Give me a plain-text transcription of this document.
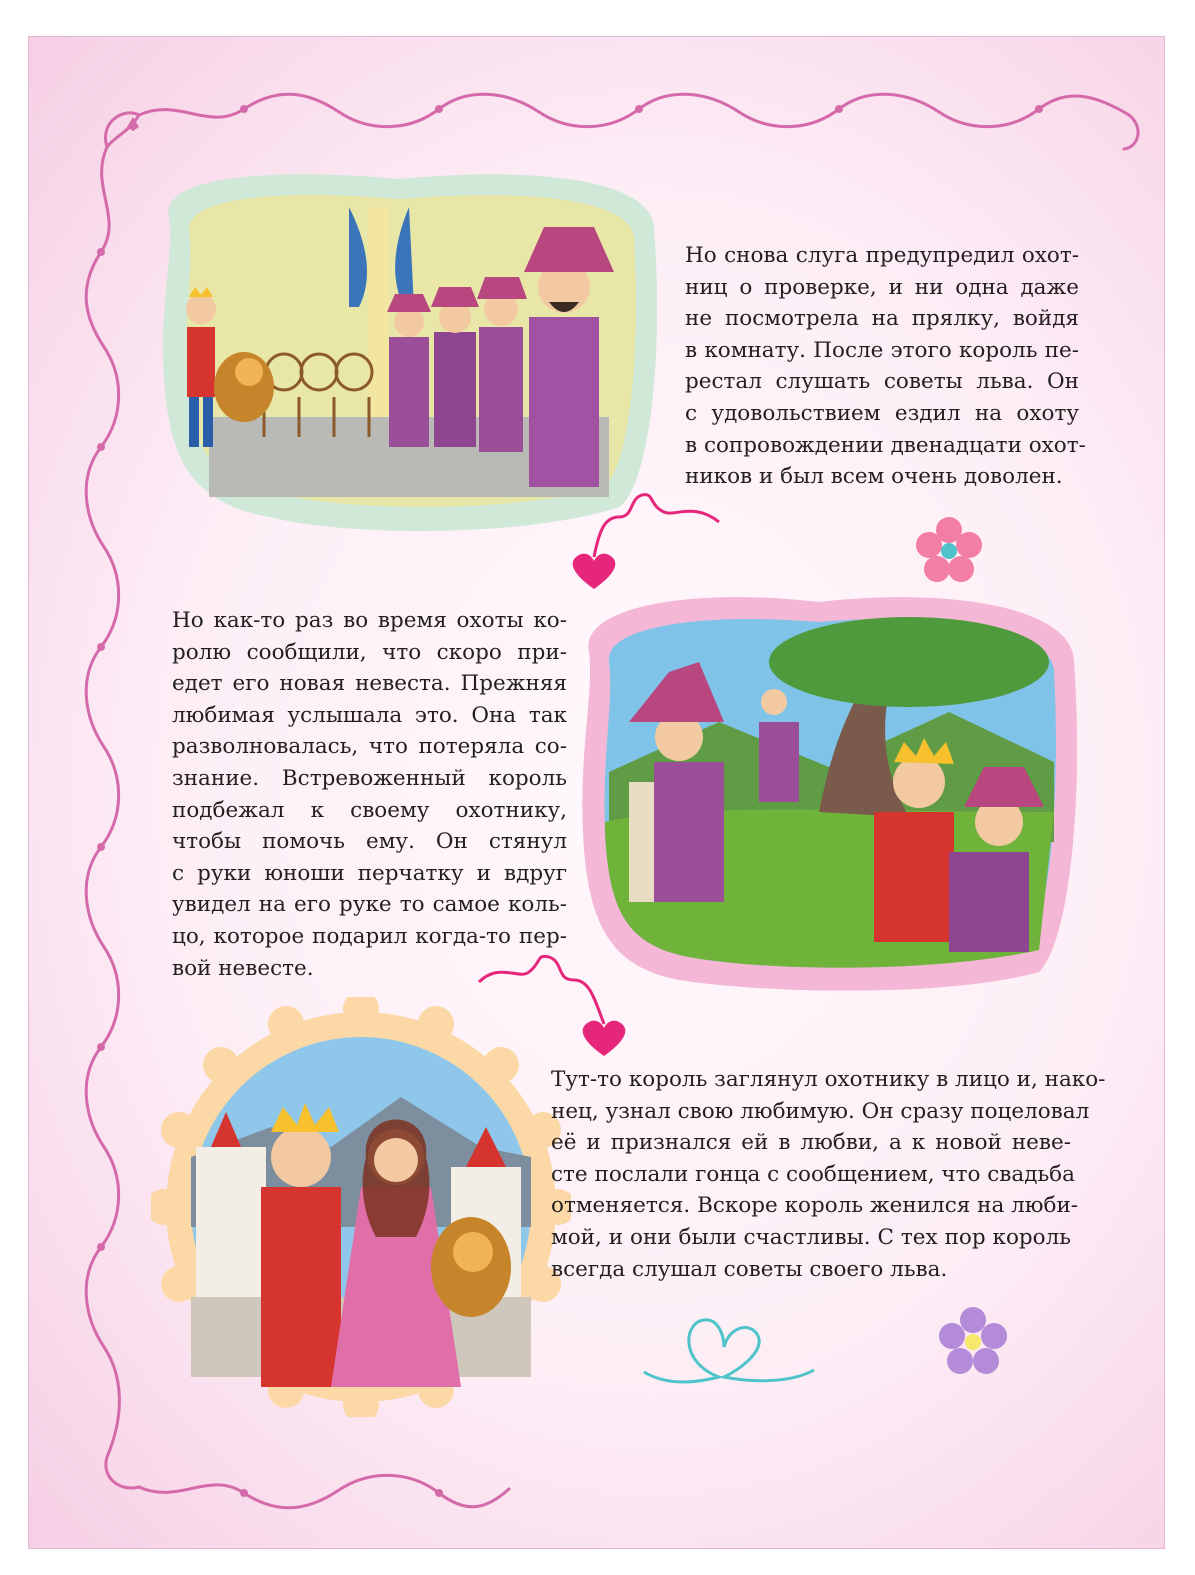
Но снова слуга предупредил охот-
ниц о проверке, и ни одна даже
не посмотрела на прялку, войдя
в комнату. После этого король пе-
рестал слушать советы льва. Он
с удовольствием ездил на охоту
в сопровождении двенадцати охот-
ников и был всем очень доволен.
Но как-то раз во время охоты ко-
ролю сообщили, что скоро при-
едет его новая невеста. Прежняя
любимая услышала это. Она так
разволновалась, что потеряла со-
знание. Встревоженный король
подбежал к своему охотнику,
чтобы помочь ему. Он стянул
с руки юноши перчатку и вдруг
увидел на его руке то самое коль-
цо, которое подарил когда-то пер-
вой невесте.
Тут-то король заглянул охотнику в лицо и, нако-
нец, узнал свою любимую. Он сразу поцеловал
её и признался ей в любви, а к новой неве-
сте послали гонца с сообщением, что свадьба
отменяется. Вскоре король женился на люби-
мой, и они были счастливы. С тех пор король
всегда слушал советы своего льва.
